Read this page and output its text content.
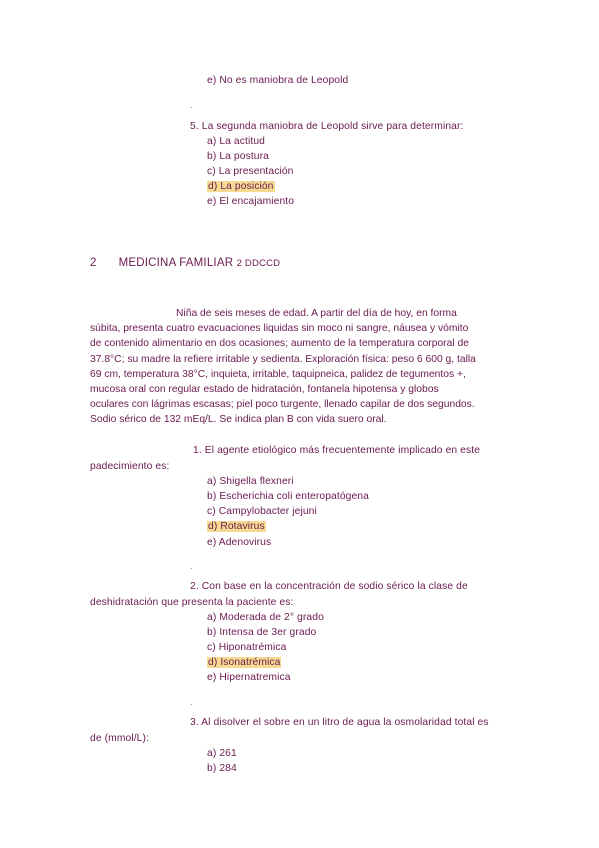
e) No es maniobra de Leopold
.
5. La segunda maniobra de Leopold sirve para determinar:
a) La actitud
b) La postura
c) La presentación
d) La posición
e) El encajamiento
2 MEDICINA FAMILIAR 2 DDCCD
Niña de seis meses de edad. A partir del día de hoy, en forma
súbita, presenta cuatro evacuaciones liquidas sin moco ni sangre, náusea y vómito
de contenido alimentario en dos ocasiones; aumento de la temperatura corporal de
37.8°C; su madre la refiere irritable y sedienta. Exploración física: peso 6 600 g, talla
69 cm, temperatura 38°C, inquieta, irritable, taquipneica, palidez de tegumentos +,
mucosa oral con regular estado de hidratación, fontanela hipotensa y globos
oculares con lágrimas escasas; piel poco turgente, llenado capilar de dos segundos.
Sodio sérico de 132 mEq/L. Se indica plan B con vida suero oral.
1. El agente etiológico más frecuentemente implicado en este
padecimiento es:
a) Shigella flexneri
b) Escherichia coli enteropatógena
c) Campylobacter jejuni
d) Rotavirus
e) Adenovirus
.
2. Con base en la concentración de sodio sérico la clase de
deshidratación que presenta la paciente es:
a) Moderada de 2° grado
b) Intensa de 3er grado
c) Hiponatrémica
d) Isonatrémica
e) Hipernatremica
.
3. Al disolver el sobre en un litro de agua la osmolaridad total es
de (mmol/L):
a) 261
b) 284
